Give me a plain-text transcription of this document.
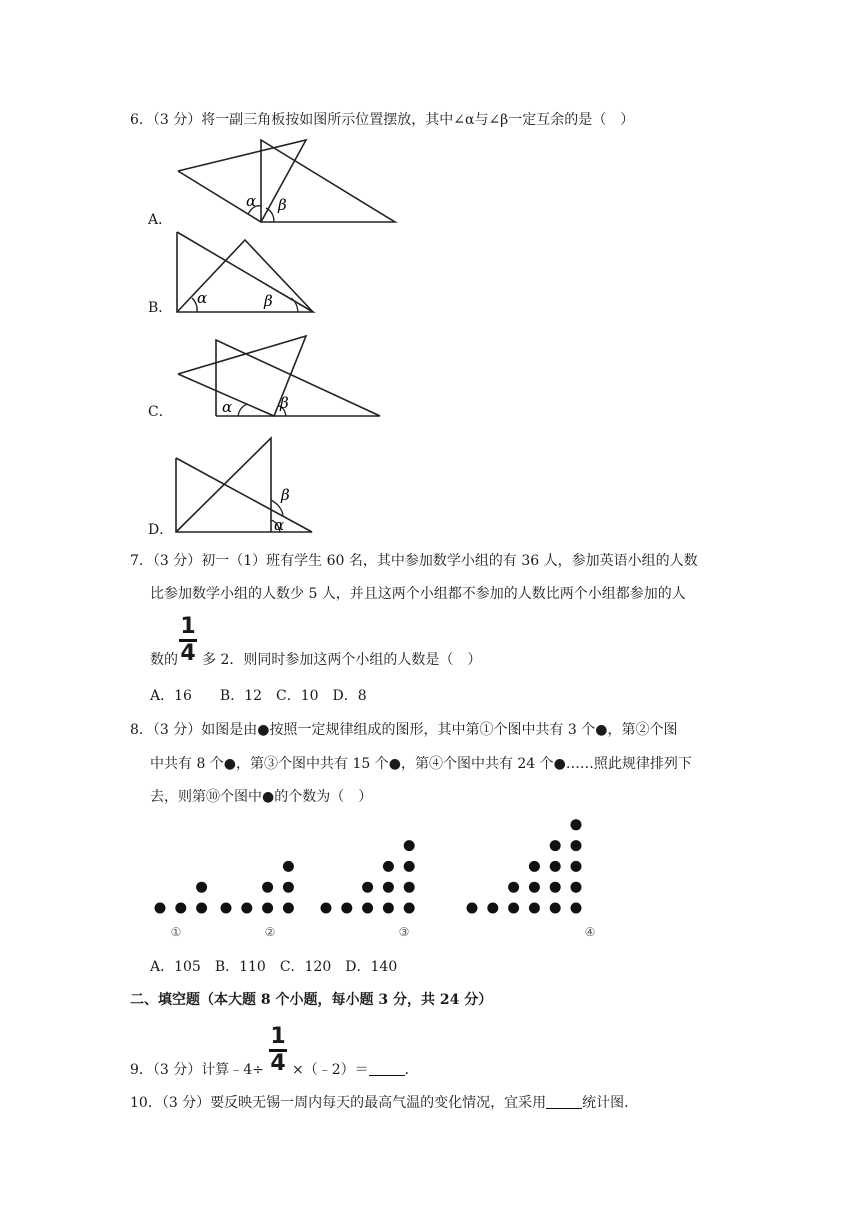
6．（3 分）将一副三角板按如图所示位置摆放，其中∠α与∠β一定互余的是（　）
A．
α β
B．
α	β
C．	α	β
D．
β
α
7．（3 分）初一（1）班有学生 60 名，其中参加数学小组的有 36 人，参加英语小组的人数
比参加数学小组的人数少 5 人，并且这两个小组都不参加的人数比两个小组都参加的人
1
4
数的 多 2．则同时参加这两个小组的人数是（　）
A．16　　B．12　C．10　D．8
8．（3 分）如图是由●按照一定规律组成的图形，其中第①个图中共有 3 个●，第②个图
中共有 8 个●，第③个图中共有 15 个●，第④个图中共有 24 个●……照此规律排列下
去，则第⑩个图中●的个数为（　）
①	②	③	④
A．105　B．110　C．120　D．140
二、填空题（本大题 8 个小题，每小题 3 分，共 24 分）
9．（3 分）计算﹣4÷
1
4 ×（﹣2）＝	．
10．（3 分）要反映无锡一周内每天的最高气温的变化情况，宜采用	统计图．
